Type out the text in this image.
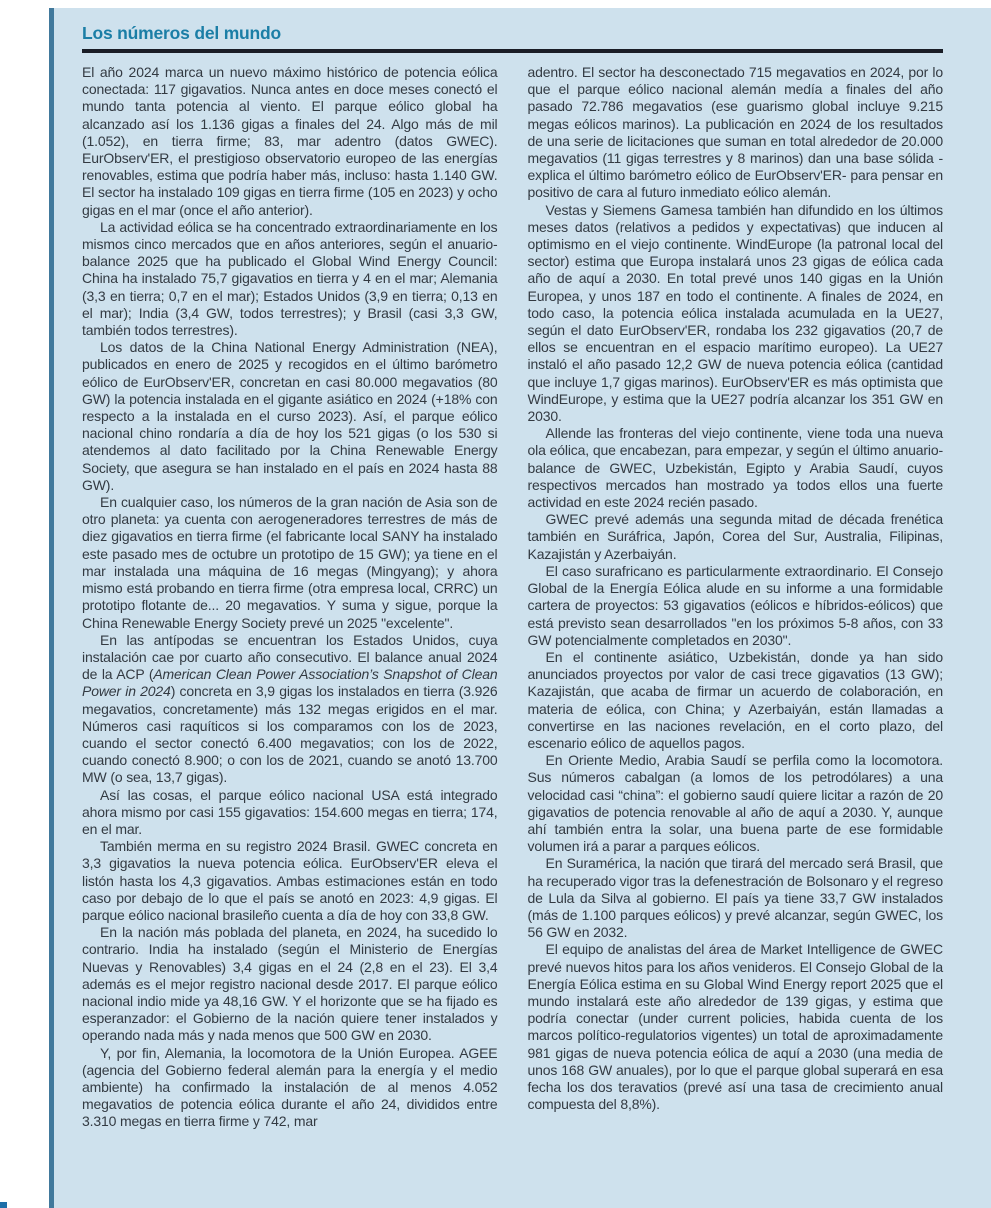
Los números del mundo

El año 2024 marca un nuevo máximo histórico de potencia eólica conectada: 117 gigavatios. Nunca antes en doce meses conectó el mundo tanta potencia al viento. El parque eólico global ha alcanzado así los 1.136 gigas a finales del 24. Algo más de mil (1.052), en tierra firme; 83, mar adentro (datos GWEC). EurObserv'ER, el prestigioso observatorio europeo de las energías renovables, estima que podría haber más, incluso: hasta 1.140 GW. El sector ha instalado 109 gigas en tierra firme (105 en 2023) y ocho gigas en el mar (once el año anterior).

La actividad eólica se ha concentrado extraordinariamente en los mismos cinco mercados que en años anteriores, según el anuario-balance 2025 que ha publicado el Global Wind Energy Council: China ha instalado 75,7 gigavatios en tierra y 4 en el mar; Alemania (3,3 en tierra; 0,7 en el mar); Estados Unidos (3,9 en tierra; 0,13 en el mar); India (3,4 GW, todos terrestres); y Brasil (casi 3,3 GW, también todos terrestres).

Los datos de la China National Energy Administration (NEA), publicados en enero de 2025 y recogidos en el último barómetro eólico de EurObserv'ER, concretan en casi 80.000 megavatios (80 GW) la potencia instalada en el gigante asiático en 2024 (+18% con respecto a la instalada en el curso 2023). Así, el parque eólico nacional chino rondaría a día de hoy los 521 gigas (o los 530 si atendemos al dato facilitado por la China Renewable Energy Society, que asegura se han instalado en el país en 2024 hasta 88 GW).

En cualquier caso, los números de la gran nación de Asia son de otro planeta: ya cuenta con aerogeneradores terrestres de más de diez gigavatios en tierra firme (el fabricante local SANY ha instalado este pasado mes de octubre un prototipo de 15 GW); ya tiene en el mar instalada una máquina de 16 megas (Mingyang); y ahora mismo está probando en tierra firme (otra empresa local, CRRC) un prototipo flotante de... 20 megavatios. Y suma y sigue, porque la China Renewable Energy Society prevé un 2025 "excelente".

En las antípodas se encuentran los Estados Unidos, cuya instalación cae por cuarto año consecutivo. El balance anual 2024 de la ACP (American Clean Power Association’s Snapshot of Clean Power in 2024) concreta en 3,9 gigas los instalados en tierra (3.926 megavatios, concretamente) más 132 megas erigidos en el mar. Números casi raquíticos si los comparamos con los de 2023, cuando el sector conectó 6.400 megavatios; con los de 2022, cuando conectó 8.900; o con los de 2021, cuando se anotó 13.700 MW (o sea, 13,7 gigas).

Así las cosas, el parque eólico nacional USA está integrado ahora mismo por casi 155 gigavatios: 154.600 megas en tierra; 174, en el mar.

También merma en su registro 2024 Brasil. GWEC concreta en 3,3 gigavatios la nueva potencia eólica. EurObserv'ER eleva el listón hasta los 4,3 gigavatios. Ambas estimaciones están en todo caso por debajo de lo que el país se anotó en 2023: 4,9 gigas. El parque eólico nacional brasileño cuenta a día de hoy con 33,8 GW.

En la nación más poblada del planeta, en 2024, ha sucedido lo contrario. India ha instalado (según el Ministerio de Energías Nuevas y Renovables) 3,4 gigas en el 24 (2,8 en el 23). El 3,4 además es el mejor registro nacional desde 2017. El parque eólico nacional indio mide ya 48,16 GW. Y el horizonte que se ha fijado es esperanzador: el Gobierno de la nación quiere tener instalados y operando nada más y nada menos que 500 GW en 2030.

Y, por fin, Alemania, la locomotora de la Unión Europea. AGEE (agencia del Gobierno federal alemán para la energía y el medio ambiente) ha confirmado la instalación de al menos 4.052 megavatios de potencia eólica durante el año 24, divididos entre 3.310 megas en tierra firme y 742, mar

adentro. El sector ha desconectado 715 megavatios en 2024, por lo que el parque eólico nacional alemán medía a finales del año pasado 72.786 megavatios (ese guarismo global incluye 9.215 megas eólicos marinos). La publicación en 2024 de los resultados de una serie de licitaciones que suman en total alrededor de 20.000 megavatios (11 gigas terrestres y 8 marinos) dan una base sólida -explica el último barómetro eólico de EurObserv'ER- para pensar en positivo de cara al futuro inmediato eólico alemán.

Vestas y Siemens Gamesa también han difundido en los últimos meses datos (relativos a pedidos y expectativas) que inducen al optimismo en el viejo continente. WindEurope (la patronal local del sector) estima que Europa instalará unos 23 gigas de eólica cada año de aquí a 2030. En total prevé unos 140 gigas en la Unión Europea, y unos 187 en todo el continente. A finales de 2024, en todo caso, la potencia eólica instalada acumulada en la UE27, según el dato EurObserv'ER, rondaba los 232 gigavatios (20,7 de ellos se encuentran en el espacio marítimo europeo). La UE27 instaló el año pasado 12,2 GW de nueva potencia eólica (cantidad que incluye 1,7 gigas marinos). EurObserv'ER es más optimista que WindEurope, y estima que la UE27 podría alcanzar los 351 GW en 2030.

Allende las fronteras del viejo continente, viene toda una nueva ola eólica, que encabezan, para empezar, y según el último anuario-balance de GWEC, Uzbekistán, Egipto y Arabia Saudí, cuyos respectivos mercados han mostrado ya todos ellos una fuerte actividad en este 2024 recién pasado.

GWEC prevé además una segunda mitad de década frenética también en Suráfrica, Japón, Corea del Sur, Australia, Filipinas, Kazajistán y Azerbaiyán.

El caso surafricano es particularmente extraordinario. El Consejo Global de la Energía Eólica alude en su informe a una formidable cartera de proyectos: 53 gigavatios (eólicos e híbridos-eólicos) que está previsto sean desarrollados "en los próximos 5-8 años, con 33 GW potencialmente completados en 2030".

En el continente asiático, Uzbekistán, donde ya han sido anunciados proyectos por valor de casi trece gigavatios (13 GW); Kazajistán, que acaba de firmar un acuerdo de colaboración, en materia de eólica, con China; y Azerbaiyán, están llamadas a convertirse en las naciones revelación, en el corto plazo, del escenario eólico de aquellos pagos.

En Oriente Medio, Arabia Saudí se perfila como la locomotora. Sus números cabalgan (a lomos de los petrodólares) a una velocidad casi “china”: el gobierno saudí quiere licitar a razón de 20 gigavatios de potencia renovable al año de aquí a 2030. Y, aunque ahí también entra la solar, una buena parte de ese formidable volumen irá a parar a parques eólicos.

En Suramérica, la nación que tirará del mercado será Brasil, que ha recuperado vigor tras la defenestración de Bolsonaro y el regreso de Lula da Silva al gobierno. El país ya tiene 33,7 GW instalados (más de 1.100 parques eólicos) y prevé alcanzar, según GWEC, los 56 GW en 2032.

El equipo de analistas del área de Market Intelligence de GWEC prevé nuevos hitos para los años venideros. El Consejo Global de la Energía Eólica estima en su Global Wind Energy report 2025 que el mundo instalará este año alrededor de 139 gigas, y estima que podría conectar (under current policies, habida cuenta de los marcos político-regulatorios vigentes) un total de aproximadamente 981 gigas de nueva potencia eólica de aquí a 2030 (una media de unos 168 GW anuales), por lo que el parque global superará en esa fecha los dos teravatios (prevé así una tasa de crecimiento anual compuesta del 8,8%).
